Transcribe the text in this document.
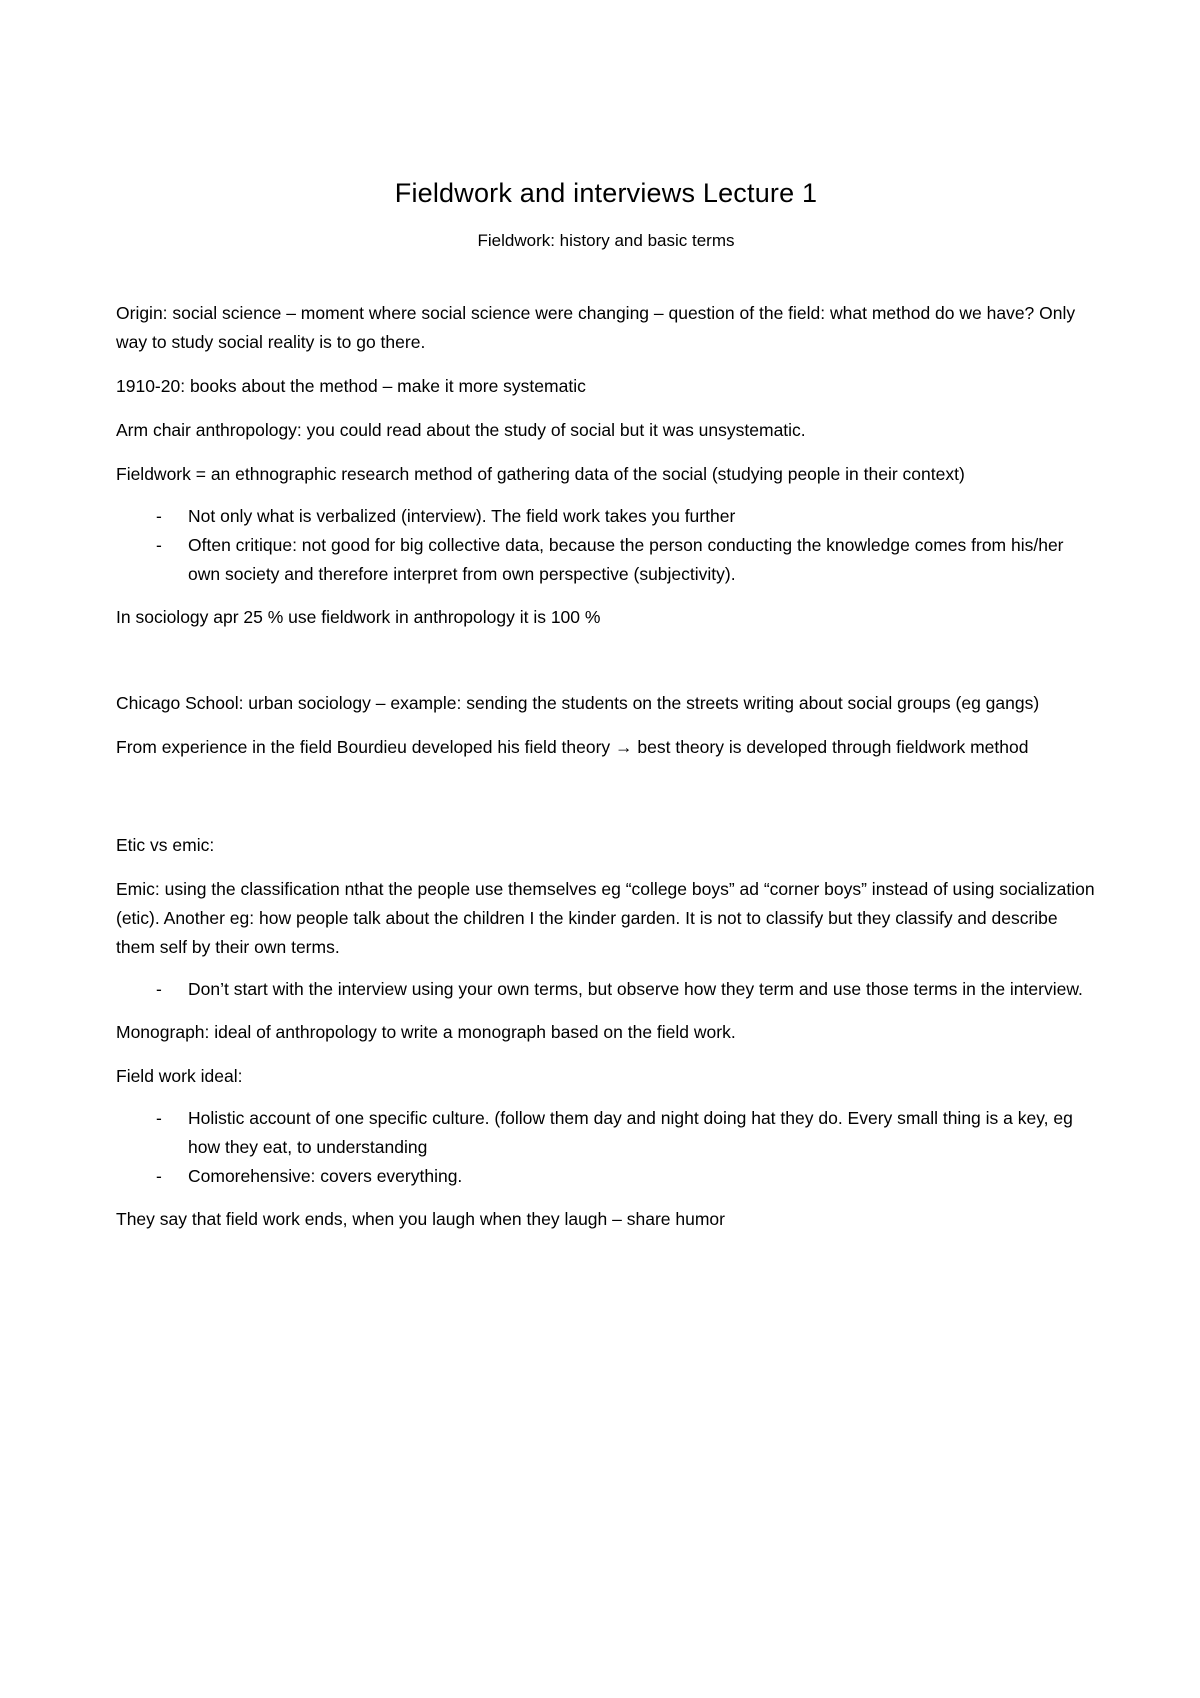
Fieldwork and interviews Lecture 1
Fieldwork: history and basic terms

Origin: social science – moment where social science were changing – question of the field: what method do we have? Only way to study social reality is to go there.

1910-20: books about the method – make it more systematic

Arm chair anthropology: you could read about the study of social but it was unsystematic.

Fieldwork = an ethnographic research method of gathering data of the social (studying people in their context)

- Not only what is verbalized (interview). The field work takes you further
- Often critique: not good for big collective data, because the person conducting the knowledge comes from his/her own society and therefore interpret from own perspective (subjectivity).

In sociology apr 25 % use fieldwork in anthropology it is 100 %

Chicago School: urban sociology – example: sending the students on the streets writing about social groups (eg gangs)

From experience in the field Bourdieu developed his field theory → best theory is developed through fieldwork method

Etic vs emic:

Emic: using the classification nthat the people use themselves eg “college boys” ad “corner boys” instead of using socialization (etic). Another eg: how people talk about the children I the kinder garden. It is not to classify but they classify and describe them self by their own terms.

- Don’t start with the interview using your own terms, but observe how they term and use those terms in the interview.

Monograph: ideal of anthropology to write a monograph based on the field work.

Field work ideal:

- Holistic account of one specific culture. (follow them day and night doing hat they do. Every small thing is a key, eg how they eat, to understanding
- Comorehensive: covers everything.

They say that field work ends, when you laugh when they laugh – share humor
